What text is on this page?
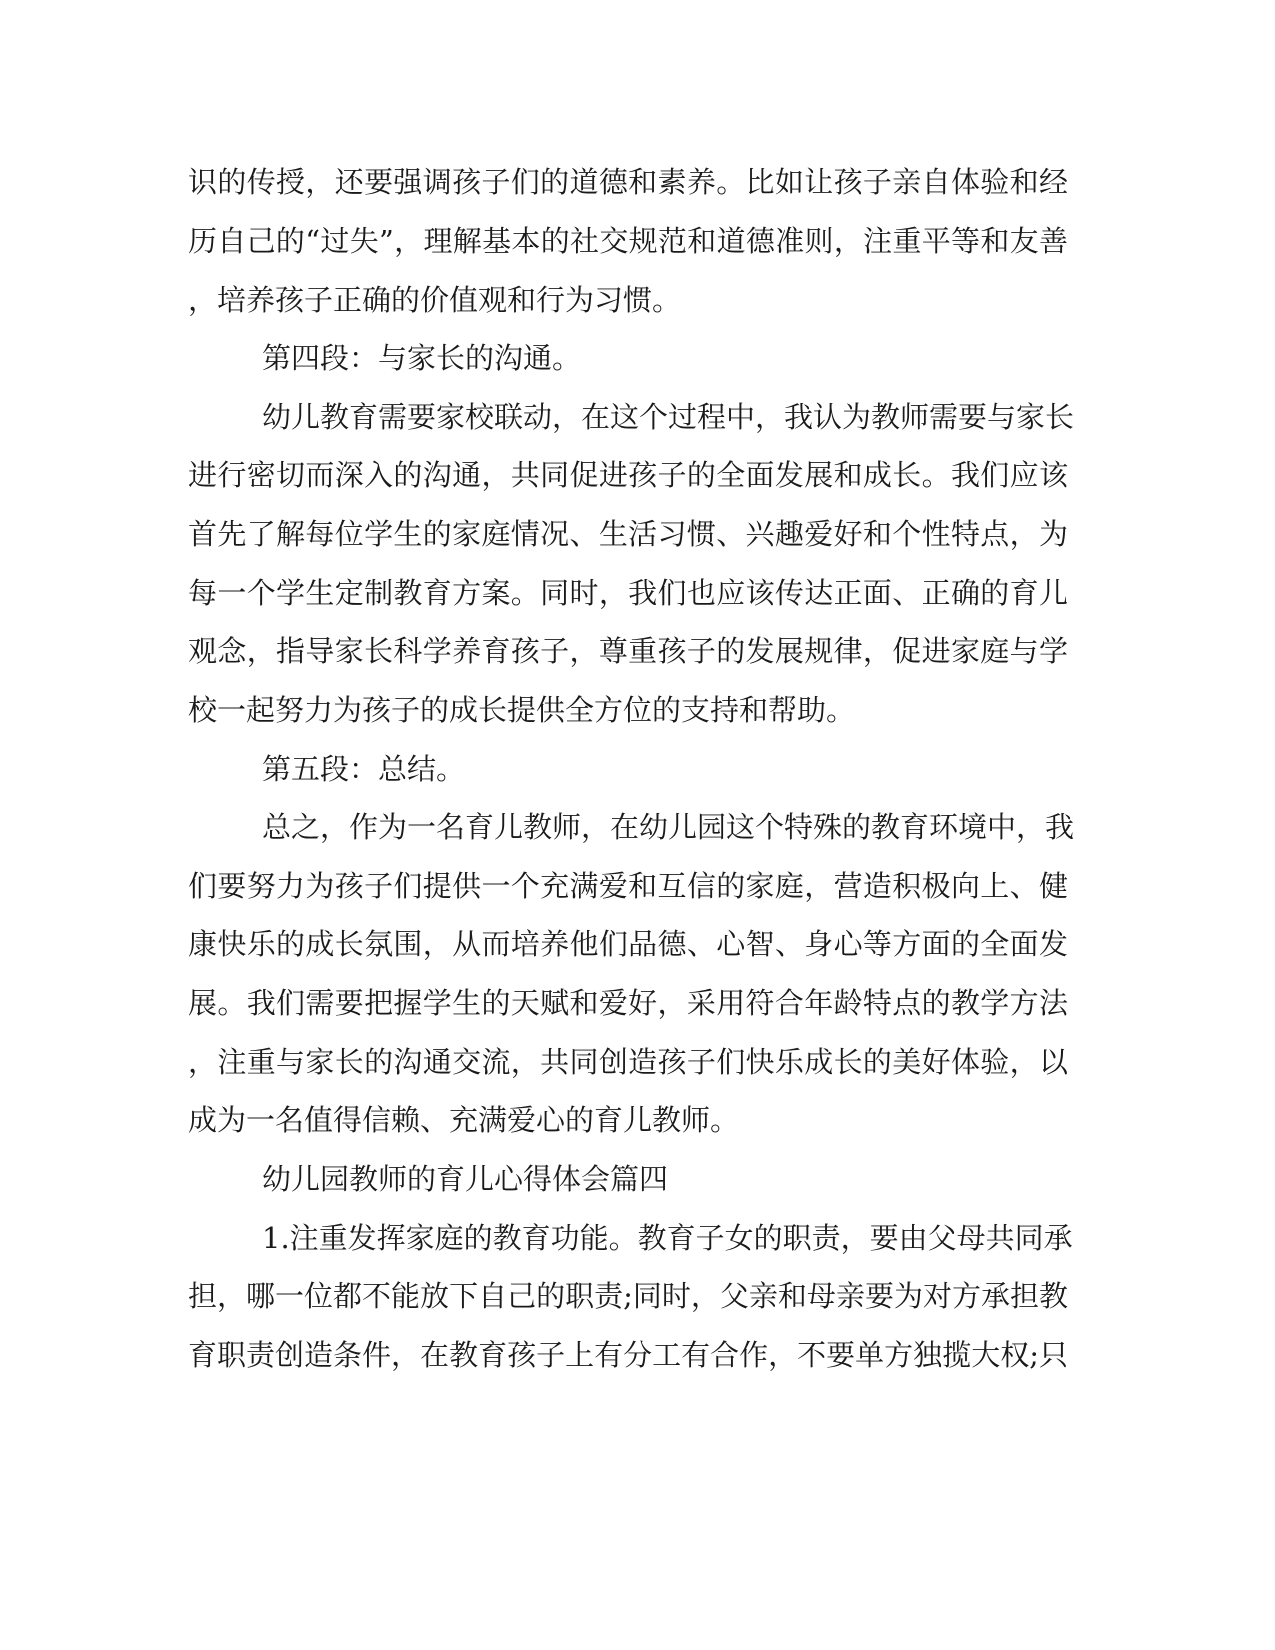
识的传授，还要强调孩子们的道德和素养。比如让孩子亲自体验和经
历自己的“过失”，理解基本的社交规范和道德准则，注重平等和友善
，培养孩子正确的价值观和行为习惯。
第四段：与家长的沟通。
幼儿教育需要家校联动，在这个过程中，我认为教师需要与家长
进行密切而深入的沟通，共同促进孩子的全面发展和成长。我们应该
首先了解每位学生的家庭情况、生活习惯、兴趣爱好和个性特点，为
每一个学生定制教育方案。同时，我们也应该传达正面、正确的育儿
观念，指导家长科学养育孩子，尊重孩子的发展规律，促进家庭与学
校一起努力为孩子的成长提供全方位的支持和帮助。
第五段：总结。
总之，作为一名育儿教师，在幼儿园这个特殊的教育环境中，我
们要努力为孩子们提供一个充满爱和互信的家庭，营造积极向上、健
康快乐的成长氛围，从而培养他们品德、心智、身心等方面的全面发
展。我们需要把握学生的天赋和爱好，采用符合年龄特点的教学方法
，注重与家长的沟通交流，共同创造孩子们快乐成长的美好体验，以
成为一名值得信赖、充满爱心的育儿教师。
幼儿园教师的育儿心得体会篇四
1.注重发挥家庭的教育功能。教育子女的职责，要由父母共同承
担，哪一位都不能放下自己的职责;同时，父亲和母亲要为对方承担教
育职责创造条件，在教育孩子上有分工有合作，不要单方独揽大权;只
